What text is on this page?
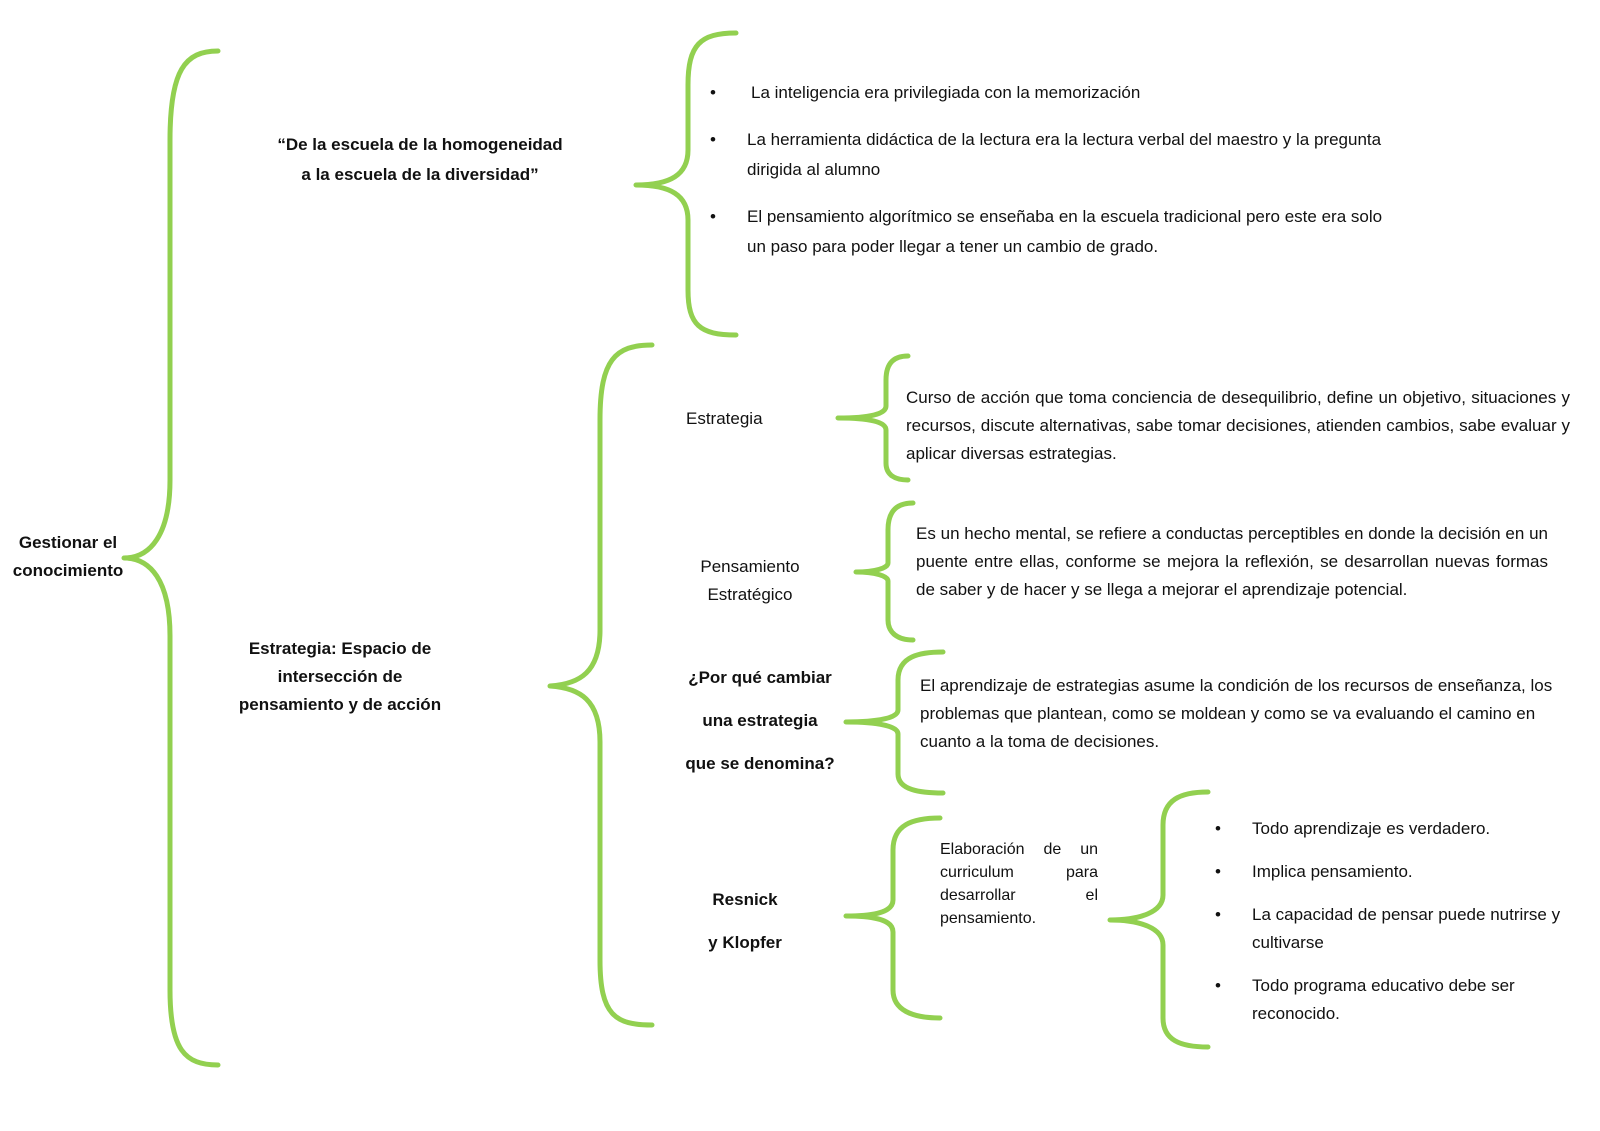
Gestionar el
conocimiento
“De la escuela de la homogeneidad
a la escuela de la diversidad”
• La inteligencia era privilegiada con la memorización
• La herramienta didáctica de la lectura era la lectura verbal del maestro y la pregunta dirigida al alumno
• El pensamiento algorítmico se enseñaba en la escuela tradicional pero este era solo un paso para poder llegar a tener un cambio de grado.
Estrategia: Espacio de
intersección de
pensamiento y de acción
Estrategia
Curso de acción que toma conciencia de desequilibrio, define un objetivo, situaciones y recursos, discute alternativas, sabe tomar decisiones, atienden cambios, sabe evaluar y aplicar diversas estrategias.
Pensamiento
Estratégico
Es un hecho mental, se refiere a conductas perceptibles en donde la decisión en un puente entre ellas, conforme se mejora la reflexión, se desarrollan nuevas formas de saber y de hacer y se llega a mejorar el aprendizaje potencial.
¿Por qué cambiar
una estrategia
que se denomina?
El aprendizaje de estrategias asume la condición de los recursos de enseñanza, los problemas que plantean, como se moldean y como se va evaluando el camino en cuanto a la toma de decisiones.
Resnick
y Klopfer
Elaboración de un curriculum para desarrollar el pensamiento.
• Todo aprendizaje es verdadero.
• Implica pensamiento.
• La capacidad de pensar puede nutrirse y cultivarse
• Todo programa educativo debe ser reconocido.
